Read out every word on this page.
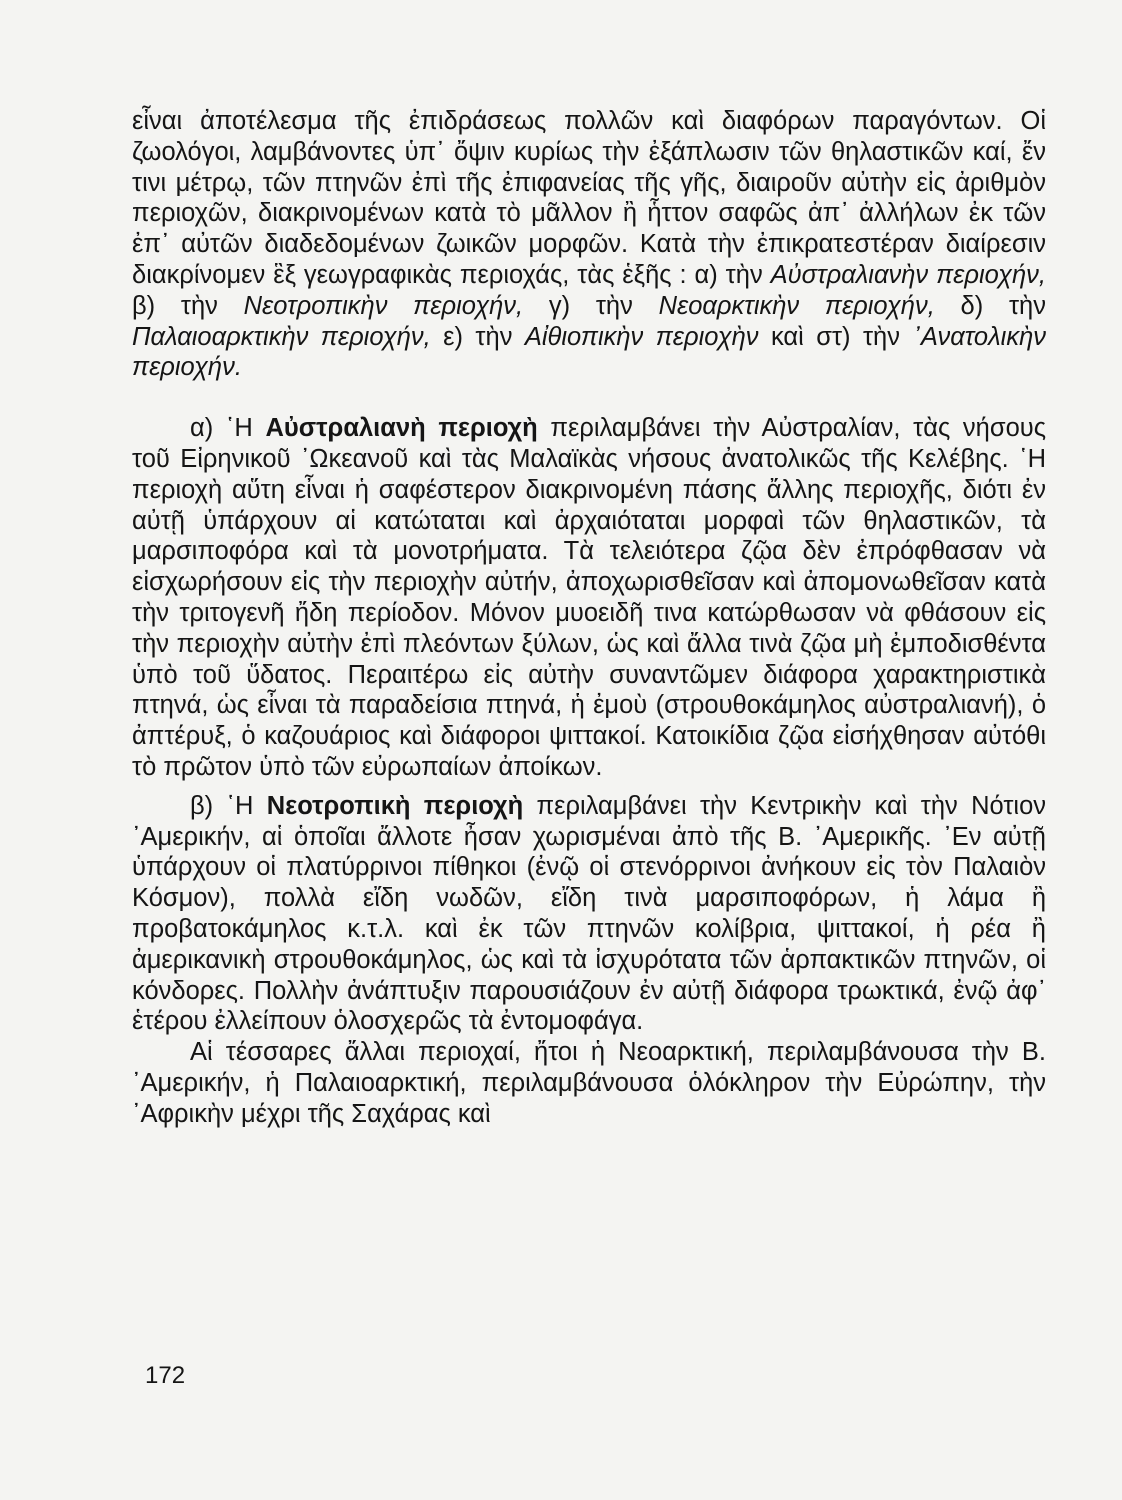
εἶναι ἀποτέλεσμα τῆς ἐπιδράσεως πολλῶν καὶ διαφόρων παραγόντων. Οἱ ζωολόγοι, λαμβάνοντες ὑπ᾿ ὄψιν κυρίως τὴν ἐξάπλωσιν τῶν θηλαστικῶν καί, ἔν τινι μέτρῳ, τῶν πτηνῶν ἐπὶ τῆς ἐπιφανείας τῆς γῆς, διαιροῦν αὐτὴν εἰς ἀριθμὸν περιοχῶν, διακρινομένων κατὰ τὸ μᾶλλον ἢ ἧττον σαφῶς ἀπ᾿ ἀλλήλων ἐκ τῶν ἐπ᾿ αὐτῶν διαδεδομένων ζωικῶν μορφῶν. Κατὰ τὴν ἐπικρατεστέραν διαίρεσιν διακρίνομεν ἓξ γεωγραφικὰς περιοχάς, τὰς ἑξῆς : α) τὴν Αὐστραλιανὴν περιοχήν, β) τὴν Νεοτροπικὴν περιοχήν, γ) τὴν Νεοαρκτικὴν περιοχήν, δ) τὴν Παλαιοαρκτικὴν περιοχήν, ε) τὴν Αἰθιοπικὴν περιοχὴν καὶ στ) τὴν ᾿Ανατολικὴν περιοχήν.

α) ῾Η Αὐστραλιανὴ περιοχὴ περιλαμβάνει τὴν Αὐστραλίαν, τὰς νήσους τοῦ Εἰρηνικοῦ ᾿Ωκεανοῦ καὶ τὰς Μαλαϊκὰς νήσους ἀνατολικῶς τῆς Κελέβης. ῾Η περιοχὴ αὕτη εἶναι ἡ σαφέστερον διακρινομένη πάσης ἄλλης περιοχῆς, διότι ἐν αὐτῇ ὑπάρχουν αἱ κατώταται καὶ ἀρχαιόταται μορφαὶ τῶν θηλαστικῶν, τὰ μαρσιποφόρα καὶ τὰ μονοτρήματα. Τὰ τελειότερα ζῷα δὲν ἐπρόφθασαν νὰ εἰσχωρήσουν εἰς τὴν περιοχὴν αὐτήν, ἀποχωρισθεῖσαν καὶ ἀπομονωθεῖσαν κατὰ τὴν τριτογενῆ ἤδη περίοδον. Μόνον μυοειδῆ τινα κατώρθωσαν νὰ φθάσουν εἰς τὴν περιοχὴν αὐτὴν ἐπὶ πλεόντων ξύλων, ὡς καὶ ἄλλα τινὰ ζῷα μὴ ἐμποδισθέντα ὑπὸ τοῦ ὕδατος. Περαιτέρω εἰς αὐτὴν συναντῶμεν διάφορα χαρακτηριστικὰ πτηνά, ὡς εἶναι τὰ παραδείσια πτηνά, ἡ ἐμοὺ (στρουθοκάμηλος αὐστραλιανή), ὁ ἀπτέρυξ, ὁ καζουάριος καὶ διάφοροι ψιττακοί. Κατοικίδια ζῷα εἰσήχθησαν αὐτόθι τὸ πρῶτον ὑπὸ τῶν εὐρωπαίων ἀποίκων.

β) ῾Η Νεοτροπικὴ περιοχὴ περιλαμβάνει τὴν Κεντρικὴν καὶ τὴν Νότιον ᾿Αμερικήν, αἱ ὁποῖαι ἄλλοτε ἦσαν χωρισμέναι ἀπὸ τῆς Β. ᾿Αμερικῆς. ᾿Εν αὐτῇ ὑπάρχουν οἱ πλατύρρινοι πίθηκοι (ἐνῷ οἱ στενόρρινοι ἀνήκουν εἰς τὸν Παλαιὸν Κόσμον), πολλὰ εἴδη νωδῶν, εἴδη τινὰ μαρσιποφόρων, ἡ λάμα ἢ προβατοκάμηλος κ.τ.λ. καὶ ἐκ τῶν πτηνῶν κολίβρια, ψιττακοί, ἡ ρέα ἢ ἀμερικανικὴ στρουθοκάμηλος, ὡς καὶ τὰ ἰσχυρότατα τῶν ἁρπακτικῶν πτηνῶν, οἱ κόνδορες. Πολλὴν ἀνάπτυξιν παρουσιάζουν ἐν αὐτῇ διάφορα τρωκτικά, ἐνῷ ἀφ᾿ ἑτέρου ἐλλείπουν ὁλοσχερῶς τὰ ἐντομοφάγα.

Αἱ τέσσαρες ἄλλαι περιοχαί, ἤτοι ἡ Νεοαρκτική, περιλαμβάνουσα τὴν Β. ᾿Αμερικήν, ἡ Παλαιοαρκτική, περιλαμβάνουσα ὁλόκληρον τὴν Εὐρώπην, τὴν ᾿Αφρικὴν μέχρι τῆς Σαχάρας καὶ

172
